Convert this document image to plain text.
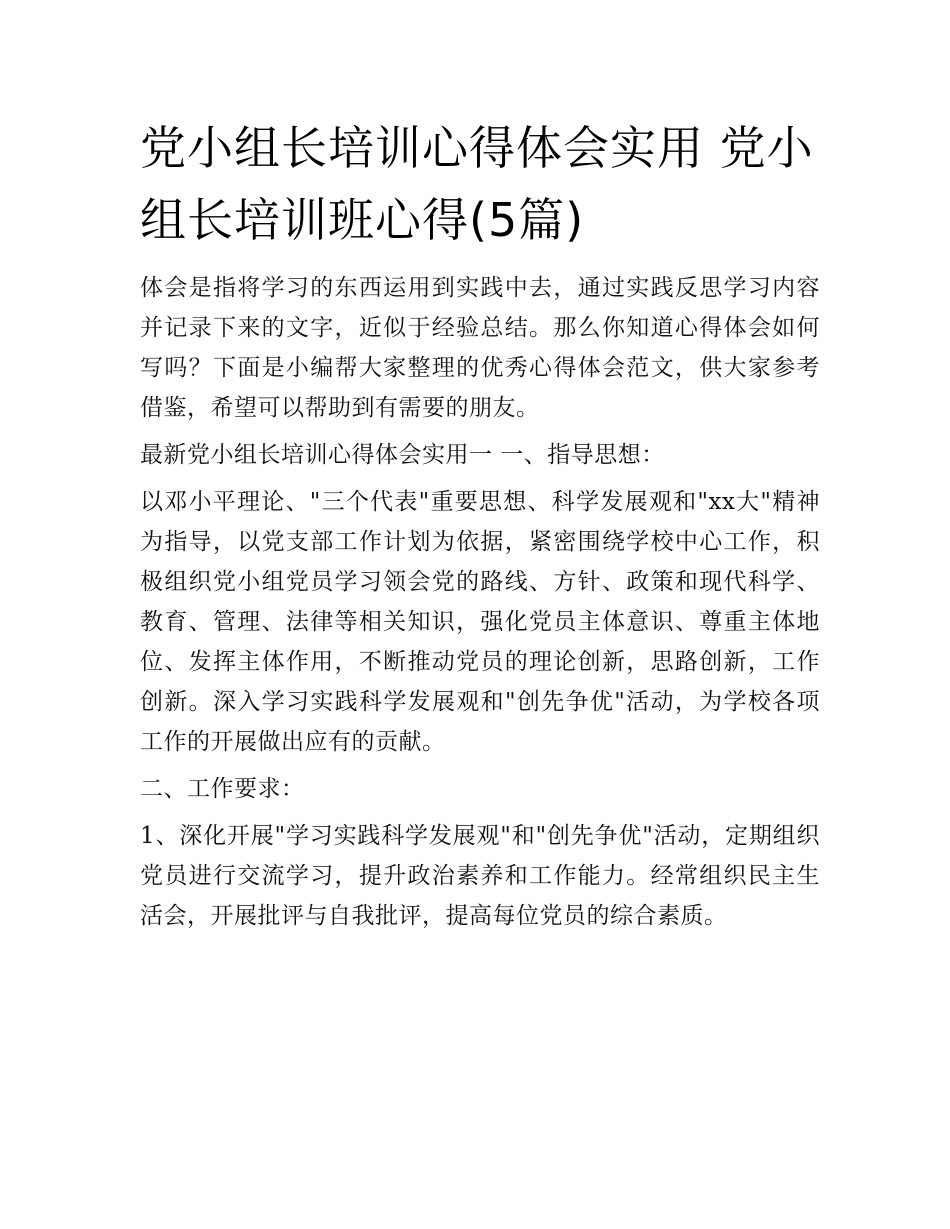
党小组长培训心得体会实用 党小组长培训班心得(5篇)

体会是指将学习的东西运用到实践中去，通过实践反思学习内容并记录下来的文字，近似于经验总结。那么你知道心得体会如何写吗？下面是小编帮大家整理的优秀心得体会范文，供大家参考借鉴，希望可以帮助到有需要的朋友。

最新党小组长培训心得体会实用一 一、指导思想：

以邓小平理论、"三个代表"重要思想、科学发展观和"xx大"精神为指导，以党支部工作计划为依据，紧密围绕学校中心工作，积极组织党小组党员学习领会党的路线、方针、政策和现代科学、教育、管理、法律等相关知识，强化党员主体意识、尊重主体地位、发挥主体作用，不断推动党员的理论创新，思路创新，工作创新。深入学习实践科学发展观和"创先争优"活动，为学校各项工作的开展做出应有的贡献。

二、工作要求：

1、深化开展"学习实践科学发展观"和"创先争优"活动，定期组织党员进行交流学习，提升政治素养和工作能力。经常组织民主生活会，开展批评与自我批评，提高每位党员的综合素质。
